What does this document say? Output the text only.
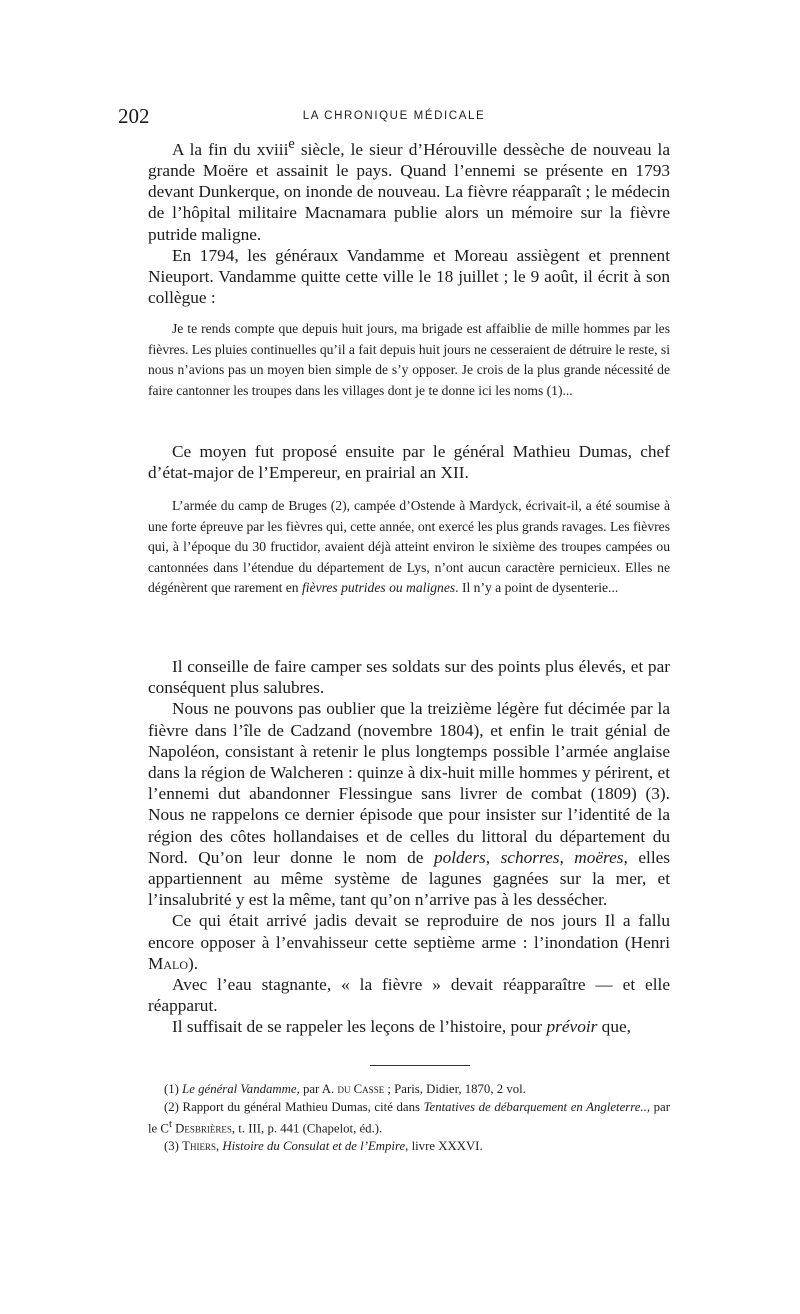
202	LA CHRONIQUE MÉDICALE

A la fin du xviii$^e$ siècle, le sieur d’Hérouville dessèche de nouveau la grande Moëre et assainit le pays. Quand l’ennemi se présente en 1793 devant Dunkerque, on inonde de nouveau. La fièvre réapparaît ; le médecin de l’hôpital militaire Macnamara publie alors un mémoire sur la fièvre putride maligne.

En 1794, les généraux Vandamme et Moreau assiègent et prennent Nieuport. Vandamme quitte cette ville le 18 juillet ; le 9 août, il écrit à son collègue :

Je te rends compte que depuis huit jours, ma brigade est affaiblie de mille hommes par les fièvres. Les pluies continuelles qu’il a fait depuis huit jours ne cesseraient de détruire le reste, si nous n’avions pas un moyen bien simple de s’y opposer. Je crois de la plus grande nécessité de faire cantonner les troupes dans les villages dont je te donne ici les noms (1)...

Ce moyen fut proposé ensuite par le général Mathieu Dumas, chef d’état-major de l’Empereur, en prairial an XII.

L’armée du camp de Bruges (2), campée d’Ostende à Mardyck, écrivait-il, a été soumise à une forte épreuve par les fièvres qui, cette année, ont exercé les plus grands ravages. Les fièvres qui, à l’époque du 30 fructidor, avaient déjà atteint environ le sixième des troupes campées ou cantonnées dans l’étendue du département de Lys, n’ont aucun caractère pernicieux. Elles ne dégénèrent que rarement en fièvres putrides ou malignes. Il n’y a point de dysenterie...

Il conseille de faire camper ses soldats sur des points plus élevés, et par conséquent plus salubres.

Nous ne pouvons pas oublier que la treizième légère fut décimée par la fièvre dans l’île de Cadzand (novembre 1804), et enfin le trait génial de Napoléon, consistant à retenir le plus longtemps possible l’armée anglaise dans la région de Walcheren : quinze à dix-huit mille hommes y périrent, et l’ennemi dut abandonner Flessingue sans livrer de combat (1809) (3). Nous ne rappelons ce dernier épisode que pour insister sur l’identité de la région des côtes hollandaises et de celles du littoral du département du Nord. Qu’on leur donne le nom de polders, schorres, moëres, elles appartiennent au même système de lagunes gagnées sur la mer, et l’insalubrité y est la même, tant qu’on n’arrive pas à les dessécher.

Ce qui était arrivé jadis devait se reproduire de nos jours Il a fallu encore opposer à l’envahisseur cette septième arme : l’inondation (Henri Malo).

Avec l’eau stagnante, « la fièvre » devait réapparaître — et elle réapparut.

Il suffisait de se rappeler les leçons de l’histoire, pour prévoir que,

(1) Le général Vandamme, par A. du Casse ; Paris, Didier, 1870, 2 vol.

(2) Rapport du général Mathieu Dumas, cité dans Tentatives de débarquement en Angleterre.., par le $C^t$ Desbrières, t. III, p. 441 (Chapelot, éd.).

(3) Thiers, Histoire du Consulat et de l’Empire, livre XXXVI.
